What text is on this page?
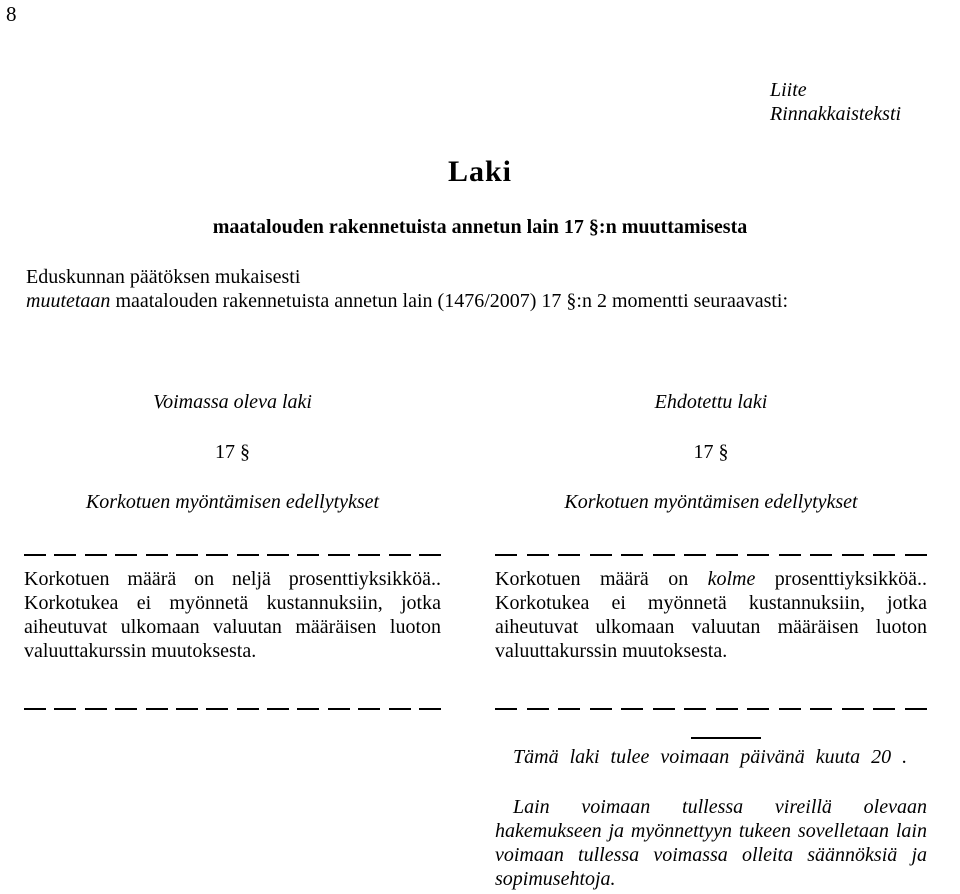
8
Liite
Rinnakkaisteksti
Laki
maatalouden rakennetuista annetun lain 17 §:n muuttamisesta
Eduskunnan päätöksen mukaisesti
muutetaan maatalouden rakennetuista annetun lain (1476/2007) 17 §:n 2 momentti seuraavasti:
Voimassa oleva laki
17 §
Korkotuen myöntämisen edellytykset
Korkotuen määrä on neljä prosenttiyksikköä.. Korkotukea ei myönnetä kustannuksiin, jotka aiheutuvat ulkomaan valuutan määräisen luoton valuuttakurssin muutoksesta.
Ehdotettu laki
17 §
Korkotuen myöntämisen edellytykset
Korkotuen määrä on kolme prosenttiyksikköä.. Korkotukea ei myönnetä kustannuksiin, jotka aiheutuvat ulkomaan valuutan määräisen luoton valuuttakurssin muutoksesta.
Tämä laki tulee voimaan päivänä kuuta 20 .
Lain voimaan tullessa vireillä olevaan hakemukseen ja myönnettyyn tukeen sovelletaan lain voimaan tullessa voimassa olleita säännöksiä ja sopimusehtoja.
